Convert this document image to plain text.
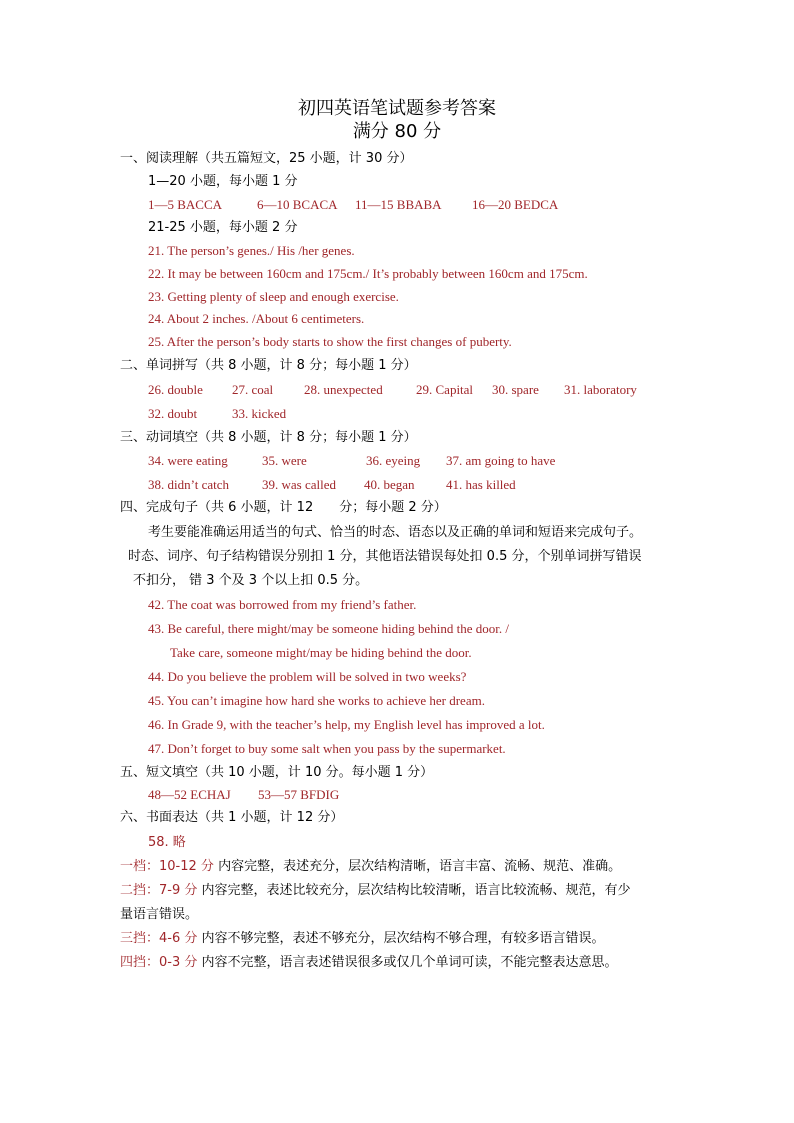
初四英语笔试题参考答案
满分 80 分
一、阅读理解（共五篇短文，25 小题，计 30 分）
1—20 小题，每小题 1 分
1—5 BACCA	6—10 BCACA 11—15 BBABA 16—20 BEDCA
21-25 小题，每小题 2 分
21. The person’s genes./ His /her genes.
22. It may be between 160cm and 175cm./ It’s probably between 160cm and 175cm.
23. Getting plenty of sleep and enough exercise.
24. About 2 inches. /About 6 centimeters.
25. After the person’s body starts to show the first changes of puberty.
二、单词拼写（共 8 小题，计 8 分；每小题 1 分）
26. double 27. coal 28. unexpected	29. Capital 30. spare 31. laboratory
32. doubt	33. kicked
三、动词填空（共 8 小题，计 8 分；每小题 1 分）
34. were eating	35. were	36. eyeing 37. am going to have
38. didn’t catch	39. was called 40. began 41. has killed
四、完成句子（共 6 小题，计 12　　分；每小题 2 分）
考生要能准确运用适当的句式、恰当的时态、语态以及正确的单词和短语来完成句子。
时态、词序、句子结构错误分别扣 1 分，其他语法错误每处扣 0.5 分，个别单词拼写错误
不扣分， 错 3 个及 3 个以上扣 0.5 分。
42. The coat was borrowed from my friend’s father.
43. Be careful, there might/may be someone hiding behind the door. /
Take care, someone might/may be hiding behind the door.
44. Do you believe the problem will be solved in two weeks?
45. You can’t imagine how hard she works to achieve her dream.
46. In Grade 9, with the teacher’s help, my English level has improved a lot.
47. Don’t forget to buy some salt when you pass by the supermarket.
五、短文填空（共 10 小题，计 10 分。每小题 1 分）
48—52 ECHAJ 53—57 BFDIG
六、书面表达（共 1 小题，计 12 分）
58. 略
一档：10-12 分 内容完整，表述充分，层次结构清晰，语言丰富、流畅、规范、准确。
二挡：7-9 分 内容完整，表述比较充分，层次结构比较清晰，语言比较流畅、规范，有少
量语言错误。
三挡：4-6 分 内容不够完整，表述不够充分，层次结构不够合理，有较多语言错误。
四挡：0-3 分 内容不完整，语言表述错误很多或仅几个单词可读，不能完整表达意思。
